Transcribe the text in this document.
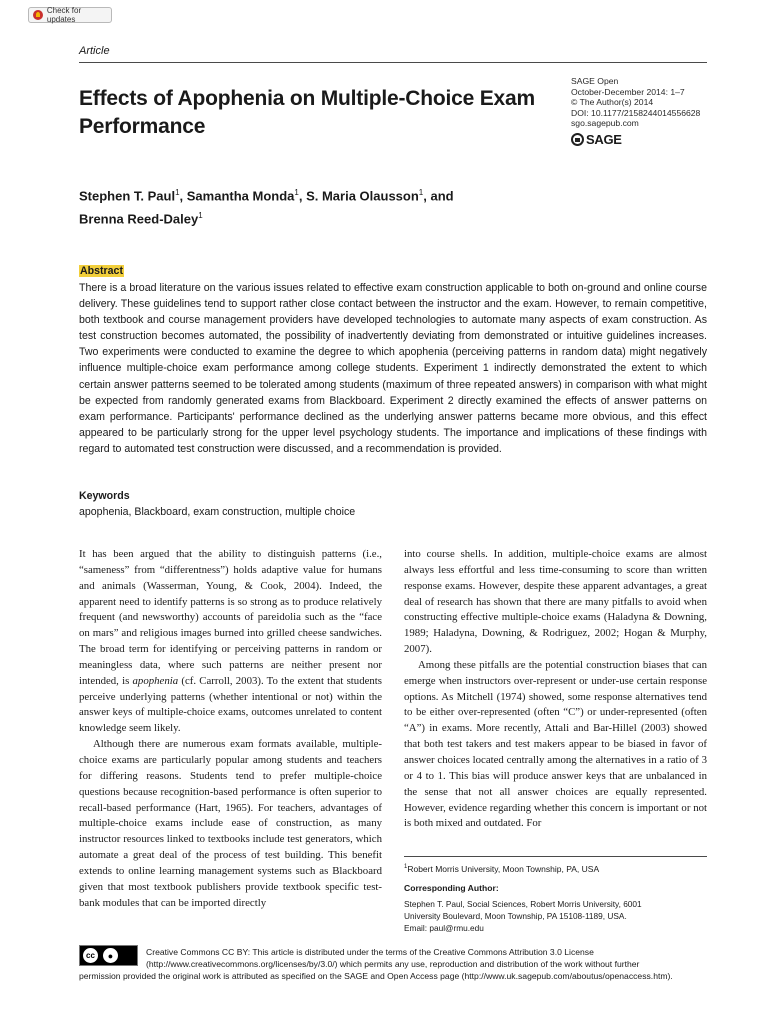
Check for updates
Article
Effects of Apophenia on Multiple-Choice Exam Performance
SAGE Open
October-December 2014: 1–7
© The Author(s) 2014
DOI: 10.1177/2158244014556628
sgo.sagepub.com
SAGE
Stephen T. Paul$^1$, Samantha Monda$^1$, S. Maria Olausson$^1$, and
Brenna Reed-Daley$^1$
Abstract

There is a broad literature on the various issues related to effective exam construction applicable to both on-ground and online course delivery. These guidelines tend to support rather close contact between the instructor and the exam. However, to remain competitive, both textbook and course management providers have developed technologies to automate many aspects of exam construction. As test construction becomes automated, the possibility of inadvertently deviating from demonstrated or intuitive guidelines increases. Two experiments were conducted to examine the degree to which apophenia (perceiving patterns in random data) might negatively influence multiple-choice exam performance among college students. Experiment 1 indirectly demonstrated the extent to which certain answer patterns seemed to be tolerated among students (maximum of three repeated answers) in comparison with what might be expected from randomly generated exams from Blackboard. Experiment 2 directly examined the effects of answer patterns on exam performance. Participants' performance declined as the underlying answer patterns became more obvious, and this effect appeared to be particularly strong for the upper level psychology students. The importance and implications of these findings with regard to automated test construction were discussed, and a recommendation is provided.

Keywords
apophenia, Blackboard, exam construction, multiple choice

It has been argued that the ability to distinguish patterns (i.e., “sameness” from “differentness”) holds adaptive value for humans and animals (Wasserman, Young, & Cook, 2004). Indeed, the apparent need to identify patterns is so strong as to produce relatively frequent (and newsworthy) accounts of pareidolia such as the “face on mars” and religious images burned into grilled cheese sandwiches. The broad term for identifying or perceiving patterns in random or meaningless data, where such patterns are neither present nor intended, is apophenia (cf. Carroll, 2003). To the extent that students perceive underlying patterns (whether intentional or not) within the answer keys of multiple-choice exams, outcomes unrelated to content knowledge seem likely.

Although there are numerous exam formats available, multiple-choice exams are particularly popular among students and teachers for differing reasons. Students tend to prefer multiple-choice questions because recognition-based performance is often superior to recall-based performance (Hart, 1965). For teachers, advantages of multiple-choice exams include ease of construction, as many instructor resources linked to textbooks include test generators, which automate a great deal of the process of test building. This benefit extends to online learning management systems such as Blackboard given that most textbook publishers provide textbook specific test-bank modules that can be imported directly

into course shells. In addition, multiple-choice exams are almost always less effortful and less time-consuming to score than written response exams. However, despite these apparent advantages, a great deal of research has shown that there are many pitfalls to avoid when constructing effective multiple-choice exams (Haladyna & Downing, 1989; Haladyna, Downing, & Rodriguez, 2002; Hogan & Murphy, 2007).

Among these pitfalls are the potential construction biases that can emerge when instructors over-represent or under-use certain response options. As Mitchell (1974) showed, some response alternatives tend to be either over-represented (often “C”) or under-represented (often “A”) in exams. More recently, Attali and Bar-Hillel (2003) showed that both test takers and test makers appear to be biased in favor of answer choices located centrally among the alternatives in a ratio of 3 or 4 to 1. This bias will produce answer keys that are unbalanced in the sense that not all answer choices are equally represented. However, evidence regarding whether this concern is important or not is both mixed and outdated. For

$^1$Robert Morris University, Moon Township, PA, USA
Corresponding Author:
Stephen T. Paul, Social Sciences, Robert Morris University, 6001
University Boulevard, Moon Township, PA 15108-1189, USA.
Email: paul@rmu.edu
cc	●	Creative Commons CC BY: This article is distributed under the terms of the Creative Commons Attribution 3.0 License
(http://www.creativecommons.org/licenses/by/3.0/) which permits any use, reproduction and distribution of the work without further
permission provided the original work is attributed as specified on the SAGE and Open Access page (http://www.uk.sagepub.com/aboutus/openaccess.htm).
